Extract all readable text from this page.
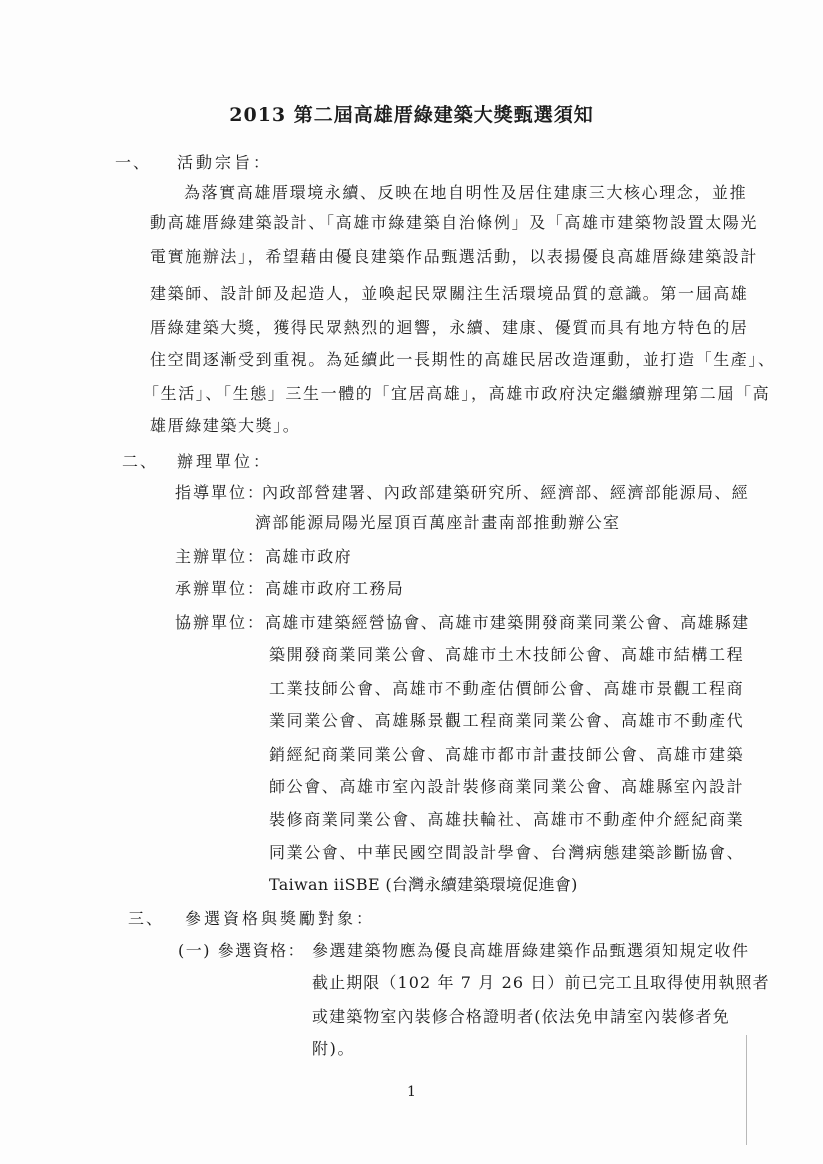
2013 第二屆高雄厝綠建築大獎甄選須知
一、 活動宗旨：
為落實高雄厝環境永續、反映在地自明性及居住建康三大核心理念，並推
動高雄厝綠建築設計、「高雄市綠建築自治條例」及「高雄市建築物設置太陽光
電實施辦法」，希望藉由優良建築作品甄選活動，以表揚優良高雄厝綠建築設計
建築師、設計師及起造人，並喚起民眾關注生活環境品質的意識。第一屆高雄
厝綠建築大獎，獲得民眾熱烈的迴響，永續、建康、優質而具有地方特色的居
住空間逐漸受到重視。為延續此一長期性的高雄民居改造運動，並打造「生產」、
「生活」、「生態」三生一體的「宜居高雄」，高雄市政府決定繼續辦理第二屆「高
雄厝綠建築大獎」。
二、 辦理單位：
指導單位：
內政部營建署、內政部建築研究所、經濟部、經濟部能源局、經
濟部能源局陽光屋頂百萬座計畫南部推動辦公室
主辦單位： 高雄市政府
承辦單位： 高雄市政府工務局
協辦單位： 高雄市建築經營協會、高雄市建築開發商業同業公會、高雄縣建
築開發商業同業公會、高雄市土木技師公會、高雄市結構工程
工業技師公會、高雄市不動產估價師公會、高雄市景觀工程商
業同業公會、高雄縣景觀工程商業同業公會、高雄市不動產代
銷經紀商業同業公會、高雄市都市計畫技師公會、高雄市建築
師公會、高雄市室內設計裝修商業同業公會、高雄縣室內設計
裝修商業同業公會、高雄扶輪社、高雄市不動產仲介經紀商業
同業公會、中華民國空間設計學會、台灣病態建築診斷協會、
Taiwan iiSBE (台灣永續建築環境促進會)
三、 參選資格與獎勵對象：
(一) 參選資格： 參選建築物應為優良高雄厝綠建築作品甄選須知規定收件
截止期限（102 年 7 月 26 日）前已完工且取得使用執照者
或建築物室內裝修合格證明者(依法免申請室內裝修者免
附)。
1
